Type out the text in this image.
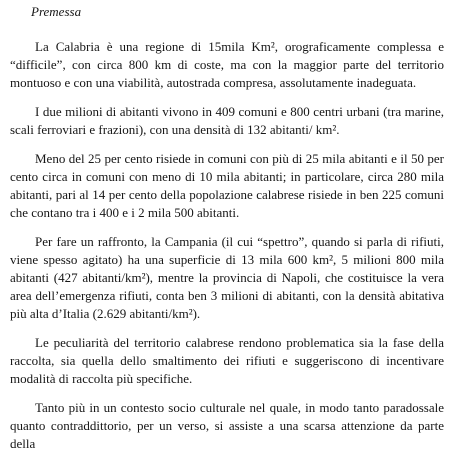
Premessa

La Calabria è una regione di 15mila Km², orograficamente complessa e “difficile”, con circa 800 km di coste, ma con la maggior parte del territorio montuoso e con una viabilità, autostrada compresa, assolutamente inadeguata.

I due milioni di abitanti vivono in 409 comuni e 800 centri urbani (tra marine, scali ferroviari e frazioni), con una densità di 132 abitanti/ km².

Meno del 25 per cento risiede in comuni con più di 25 mila abitanti e il 50 per cento circa in comuni con meno di 10 mila abitanti; in particolare, circa 280 mila abitanti, pari al 14 per cento della popolazione calabrese risiede in ben 225 comuni che contano tra i 400 e i 2 mila 500 abitanti.

Per fare un raffronto, la Campania (il cui “spettro”, quando si parla di rifiuti, viene spesso agitato) ha una superficie di 13 mila 600 km², 5 milioni 800 mila abitanti (427 abitanti/km²), mentre la provincia di Napoli, che costituisce la vera area dell’emergenza rifiuti, conta ben 3 milioni di abitanti, con la densità abitativa più alta d’Italia (2.629 abitanti/km²).

Le peculiarità del territorio calabrese rendono problematica sia la fase della raccolta, sia quella dello smaltimento dei rifiuti e suggeriscono di incentivare modalità di raccolta più specifiche.

Tanto più in un contesto socio culturale nel quale, in modo tanto paradossale quanto contraddittorio, per un verso, si assiste a una scarsa attenzione da parte della
